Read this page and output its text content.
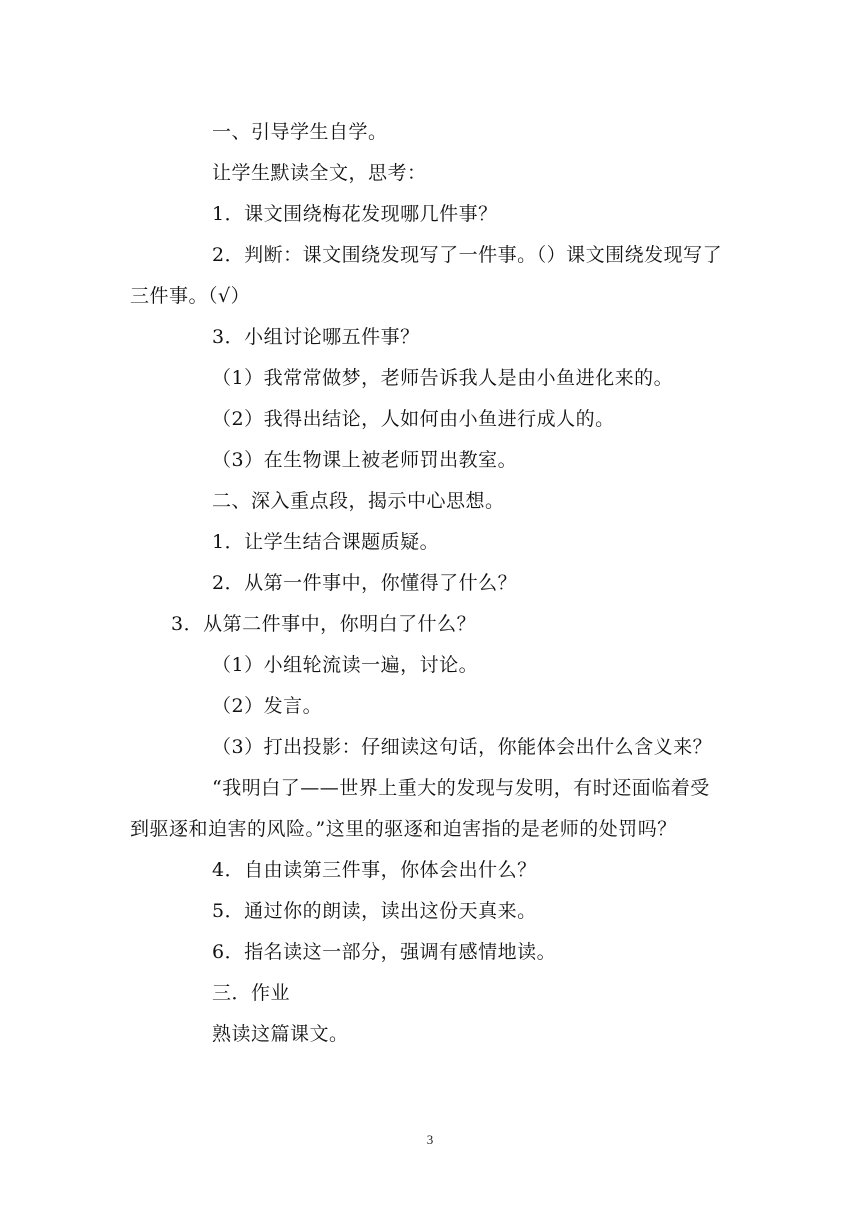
一、引导学生自学。
让学生默读全文，思考：
1．课文围绕梅花发现哪几件事？
2．判断：课文围绕发现写了一件事。（）课文围绕发现写了
三件事。（√）
3．小组讨论哪五件事？
（1）我常常做梦，老师告诉我人是由小鱼进化来的。
（2）我得出结论，人如何由小鱼进行成人的。
（3）在生物课上被老师罚出教室。
二、深入重点段，揭示中心思想。
1．让学生结合课题质疑。
2．从第一件事中，你懂得了什么？
3．从第二件事中，你明白了什么？
（1）小组轮流读一遍，讨论。
（2）发言。
（3）打出投影：仔细读这句话，你能体会出什么含义来？
“我明白了——世界上重大的发现与发明，有时还面临着受
到驱逐和迫害的风险。”这里的驱逐和迫害指的是老师的处罚吗？
4．自由读第三件事，你体会出什么？
5．通过你的朗读，读出这份天真来。
6．指名读这一部分，强调有感情地读。
三．作业
熟读这篇课文。
3
